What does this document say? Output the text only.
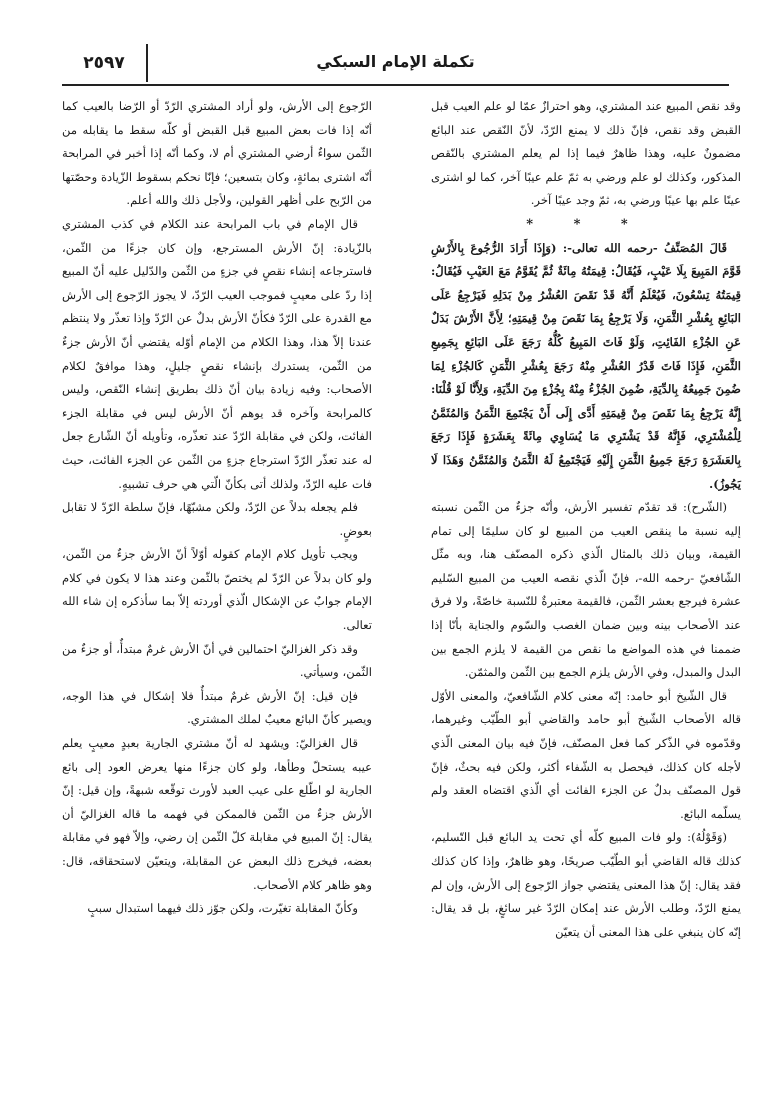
تكملة الإمام السبكي
٢٥٩٧

وقد نقص المبيع عند المشتري، وهو احترازٌ عمّا لو علم العيب قبل القبض وقد نقص، فإنّ ذلك لا يمنع الرّدّ، لأنّ النّقص عند البائع مضمونٌ عليه، وهذا ظاهرٌ فيما إذا لم يعلم المشتري بالنّقص المذكور، وكذلك لو علم ورضي به ثمّ علم عيبًا آخر، كما لو اشترى عينًا علم بها عيبًا ورضي به، ثمّ وجد عيبًا آخر.

* * *

قَالَ المُصَنِّفُ -رحمه الله تعالى-: (وَإِذَا أَرَادَ الرُّجُوعَ بِالأَرْشِ قَوَّمَ المَبِيعَ بِلَا عَيْبٍ، فَيُقَالُ: قِيمَتُهُ مِائَةٌ ثُمَّ يُقَوَّمُ مَعَ العَيْبِ فَيُقَالُ: قِيمَتُهُ تِسْعُونَ، فَيُعْلَمُ أَنَّهُ قَدْ نَقَصَ العُشْرُ مِنْ بَدَلِهِ فَيَرْجِعُ عَلَى البَائِعِ بِعُشْرِ الثَّمَنِ، وَلَا يَرْجِعُ بِمَا نَقَصَ مِنْ قِيمَتِهِ؛ لِأَنَّ الأَرْشَ بَدَلٌ عَنِ الجُزْءِ الفَائِتِ، وَلَوْ فَاتَ المَبِيعُ كُلُّهُ رَجَعَ عَلَى البَائِعِ بِجَمِيعِ الثَّمَنِ، فَإِذَا فَاتَ قَدْرُ العُشْرِ مِنْهُ رَجَعَ بِعُشْرِ الثَّمَنِ كَالجُزْءِ لِمَا ضُمِنَ جَمِيعُهُ بِالدِّيَةِ، ضُمِنَ الجُزْءُ مِنْهُ بِجُزْءٍ مِنَ الدِّيَةِ، وَلِأَنَّا لَوْ قُلْنَا: إِنَّهُ يَرْجِعُ بِمَا نَقَصَ مِنْ قِيمَتِهِ أَدَّى إِلَى أَنْ يَجْتَمِعَ الثَّمَنُ وَالمُثَمَّنُ لِلْمُشْتَرِي، فَإِنَّهُ قَدْ يَشْتَرِي مَا يُسَاوِي مِائَةً بِعَشَرَةٍ فَإِذَا رَجَعَ بِالعَشَرَةِ رَجَعَ جَمِيعُ الثَّمَنِ إِلَيْهِ فَيَجْتَمِعُ لَهُ الثَّمَنُ وَالمُثَمَّنُ وَهَذَا لَا يَجُوزُ).

(الشّرح): قد تقدّم تفسير الأرش، وأنّه جزءٌ من الثّمن نسبته إليه نسبة ما ينقص العيب من المبيع لو كان سليمًا إلى تمام القيمة، وبيان ذلك بالمثال الّذي ذكره المصنّف هنا، وبه مثّل الشّافعيّ -رحمه الله-، فإنّ الّذي نقصه العيب من المبيع السّليم عشرة فيرجع بعشر الثّمن، فالقيمة معتبرةٌ للنّسبة خاصّةً، ولا فرق عند الأصحاب بينه وبين ضمان الغصب والسّوم والجناية بأنّا إذا ضممنا في هذه المواضع ما نقص من القيمة لا يلزم الجمع بين البدل والمبدل، وفي الأرش يلزم الجمع بين الثّمن والمثمّن.

قال الشّيخ أبو حامد: إنّه معنى كلام الشّافعيّ، والمعنى الأوّل قاله الأصحاب الشّيخ أبو حامد والقاضي أبو الطّيّب وغيرهما، وقدّموه في الذّكر كما فعل المصنّف، فإنّ فيه بيان المعنى الّذي لأجله كان كذلك، فيحصل به الشّفاء أكثر، ولكن فيه بحثٌ، فإنّ قول المصنّف بدلٌ عن الجزء الفائت أي الّذي اقتضاه العقد ولم يسلّمه البائع.

(وَقَوْلُهُ): ولو فات المبيع كلّه أي تحت يد البائع قبل التّسليم، كذلك قاله القاضي أبو الطّيّب صريحًا، وهو ظاهرٌ، وإذا كان كذلك فقد يقال: إنّ هذا المعنى يقتضي جواز الرّجوع إلى الأرش، وإن لم يمنع الرّدّ، وطلب الأرش عند إمكان الرّدّ غير سائغٍ، بل قد يقال: إنّه كان ينبغي على هذا المعنى أن يتعيّن

الرّجوع إلى الأرش، ولو أراد المشتري الرّدّ أو الرّضا بالعيب كما أنّه إذا فات بعض المبيع قبل القبض أو كلّه سقط ما يقابله من الثّمن سواءٌ أرضي المشتري أم لا، وكما أنّه إذا أخبر في المرابحة أنّه اشترى بمائةٍ، وكان بتسعين؛ فإنّا نحكم بسقوط الزّيادة وحصّتها من الرّبح على أظهر القولين، ولأجل ذلك والله أعلم.

قال الإمام في باب المرابحة عند الكلام في كذب المشتري بالزّيادة: إنّ الأرش المسترجع، وإن كان جزءًا من الثّمن، فاسترجاعه إنشاء نقصٍ في جزءٍ من الثّمن والدّليل عليه أنّ المبيع إذا ردّ على معيبٍ فموجب العيب الرّدّ، لا يجوز الرّجوع إلى الأرش مع القدرة على الرّدّ فكأنّ الأرش بدلٌ عن الرّدّ وإذا تعذّر ولا ينتظم عندنا إلاّ هذا، وهذا الكلام من الإمام أوّله يقتضي أنّ الأرش جزءٌ من الثّمن، يستدرك بإنشاء نقصٍ جليلٍ، وهذا موافقٌ لكلام الأصحاب: وفيه زيادة بيان أنّ ذلك بطريق إنشاء النّقص، وليس كالمرابحة وآخره قد يوهم أنّ الأرش ليس في مقابلة الجزء الفائت، ولكن في مقابلة الرّدّ عند تعذّره، وتأويله أنّ الشّارع جعل له عند تعذّر الرّدّ استرجاع جزءٍ من الثّمن عن الجزء الفائت، حيث فات عليه الرّدّ، ولذلك أتى بكأنّ الّتي هي حرف تشبيهٍ.

فلم يجعله بدلاً عن الرّدّ، ولكن مشبّهًا، فإنّ سلطة الرّدّ لا تقابل بعوضٍ.

ويجب تأويل كلام الإمام كقوله أوّلاً أنّ الأرش جزءٌ من الثّمن، ولو كان بدلاً عن الرّدّ لم يختصّ بالثّمن وعند هذا لا يكون في كلام الإمام جوابٌ عن الإشكال الّذي أوردته إلاّ بما سأذكره إن شاء الله تعالى.

وقد ذكر الغزاليّ احتمالين في أنّ الأرش غرمٌ مبتدأٌ، أو جزءٌ من الثّمن، وسيأتي.

فإن قيل: إنّ الأرش غرمٌ مبتدأٌ فلا إشكال في هذا الوجه، ويصير كأنّ البائع معيبٌ لملك المشتري.

قال الغزاليّ: ويشهد له أنّ مشتري الجارية بعبدٍ معيبٍ يعلم عيبه يستحلّ وطأها، ولو كان جزءًا منها يعرض العود إلى بائع الجارية لو اطّلع على عيب العبد لأورث توقّعه شبهةً، وإن قيل: إنّ الأرش جزءٌ من الثّمن فالممكن في فهمه ما قاله الغزاليّ أن يقال: إنّ المبيع في مقابلة كلّ الثّمن إن رضي، وإلاّ فهو في مقابلة بعضه، فيخرج ذلك البعض عن المقابلة، ويتعيّن لاستحقاقه، قال: وهو ظاهر كلام الأصحاب.

وكأنّ المقابلة تغيّرت، ولكن جوّز ذلك فيهما استبدال سببٍ
